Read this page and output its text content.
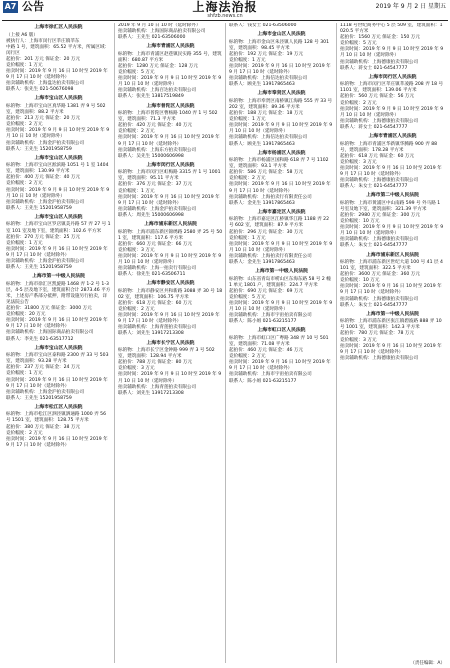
A7 公告	上海法治报	2019 年 9 月 2 日 星期五
shfzb.news.cn
上海市徐汇区人民法院
（上接 A6 版）
被执行人：上海市闵行区莘庄镇莘东
中路 1 号，建筑面积：65.52 平方米，所属区域：闵行区
起拍价：201 万元 保证金：20 万元
竞价幅度：1 万元
拍卖时间：2019 年 9 月 16 日 10 时至 2019 年 9 月 17 日 10 时（延时除外）
拍卖辅助机构：上海盘达拍卖有限公司
联系人：张先生 021-50676098
上海市宝山区人民法院
标的物：上海市宝山区真华路 1381 弄 9 号 502 室，建筑面积：88.2 平方米
起拍价：213 万元 保证金：20 万元
竞价幅度：2 万元
拍卖时间：2019 年 9 月 9 日 10 时至 2019 年 9 月 10 日 10 时（延时除外）
拍卖辅助机构：上海金沪拍卖有限公司
联系人：王先生 15201958759
上海市宝山区人民法院
标的物：上海市宝山区淞滨路 1051 号 1 室 1404 室，建筑面积：130.99 平方米
起拍价：400 万元 保证金：40 万元
竞价幅度：2 万元
拍卖时间：2019 年 9 月 9 日 10 时至 2019 年 9 月 10 日 10 时（延时除外）
拍卖辅助机构：上海金沪拍卖有限公司
联系人：王先生 15201958759
上海市宝山区人民法院
标的物：上海市宝山区罗店镇美丹路 57 弄 27 号 1 室 101 室及地下室，建筑面积：102.6 平方米
起拍价：270 万元 保证金：25 万元
竞价幅度：1 万元
拍卖时间：2019 年 9 月 16 日 10 时至 2019 年 9 月 17 日 10 时（延时除外）
拍卖辅助机构：上海金沪拍卖有限公司
联系人：王先生 15201958759
上海市第一中级人民法院
标的物：上海市徐汇区凯旋路 1468 弄 1-2 号 1-3 层，4-5 层及地下室，建筑面积合计 2873.46 平方米，上述房产系部分抵押，附带设施另行拍卖，详见法院公告
起拍价：31800 万元 保证金：3000 万元
竞价幅度：20 万元
拍卖时间：2019 年 9 月 16 日 10 时至 2019 年 9 月 17 日 10 时（延时除外）
拍卖辅助机构：上海国际商品拍卖有限公司
联系人：李先生 021-63517712
上海市宝山区人民法院
标的物：上海市宝山区泰和路 2300 弄 33 号 503 室，建筑面积：93.28 平方米
起拍价：237 万元 保证金：24 万元
竞价幅度：1 万元
拍卖时间：2019 年 9 月 16 日 10 时至 2019 年 9 月 17 日 10 时（延时除外）
拍卖辅助机构：上海金沪拍卖有限公司
联系人：王先生 15201958759
上海市松江区人民法院
标的物：上海市松江区泗泾镇泗通路 1000 弄 56 号 1501 室，建筑面积：128.75 平方米
起拍价：380 万元 保证金：38 万元
竞价幅度：2 万元
拍卖时间：2019 年 9 月 16 日 10 时至 2019 年 9 月 17 日 10 时（延时除外）
2019 年 9 月 10 日 10 时（延时除外）
拍卖辅助机构：上海国际商品拍卖有限公司
联系人：王先生 021-63506000
上海市青浦区人民法院
标的物：上海市青浦区赵巷镇民实路 355 号，建筑面积：680.87 平方米
起拍价：1280 万元 保证金：128 万元
竞价幅度：5 万元
拍卖时间：2019 年 9 月 9 日 10 时至 2019 年 9 月 10 日 10 时（延时除外）
拍卖辅助机构：上海百达拍卖有限公司
联系人：张先生 13817519849
上海市普陀区人民法院
标的物：上海市普陀区曹杨路 1040 弄 1 号 502 室，建筑面积：71.3 平方米
起拍价：420 万元 保证金：40 万元
竞价幅度：2 万元
拍卖时间：2019 年 9 月 16 日 10 时至 2019 年 9 月 17 日 10 时（延时除外）
拍卖辅助机构：上海东方拍卖有限公司
联系人：吴先生 15000606998
上海市闵行区人民法院
标的物：上海市闵行区虹梅路 3315 弄 1 号 1001 室，建筑面积：95.11 平方米
起拍价：376 万元 保证金：37 万元
竞价幅度：1 万元
拍卖时间：2019 年 9 月 16 日 10 时至 2019 年 9 月 17 日 10 时（延时除外）
拍卖辅助机构：上海金沪拍卖有限公司
联系人：周先生 15000606998
上海市浦东新区人民法院
标的物：上海市浦东新区锦绣路 2580 弄 25 号 501 室，建筑面积：117.6 平方米
起拍价：660 万元 保证金：66 万元
竞价幅度：3 万元
拍卖时间：2019 年 9 月 9 日 10 时至 2019 年 9 月 10 日 10 时（延时除外）
拍卖辅助机构：上海一拍卖行有限公司
联系人：徐先生 021-63506711
上海市静安区人民法院
标的物：上海市静安区共和新路 3088 弄 30 号 1802 室，建筑面积：106.75 平方米
起拍价：618 万元 保证金：60 万元
竞价幅度：2 万元
拍卖时间：2019 年 9 月 16 日 10 时至 2019 年 9 月 17 日 10 时（延时除外）
拍卖辅助机构：上海青莲拍卖有限公司
联系人：刘先生 13917213308
上海市长宁区人民法院
标的物：上海市长宁区金钟路 999 弄 3 号 502 室，建筑面积：128.94 平方米
起拍价：788 万元 保证金：80 万元
竞价幅度：3 万元
拍卖时间：2019 年 9 月 9 日 10 时至 2019 年 9 月 10 日 10 时（延时除外）
拍卖辅助机构：上海青莲拍卖有限公司
联系人：刘先生 13917213308
联系人：钱女士 021-63506000
上海市金山区人民法院
标的物：上海市金山区朱泾镇人民路 128 号 301 室，建筑面积：98.45 平方米
起拍价：192 万元 保证金：19 万元
竞价幅度：1 万元
拍卖时间：2019 年 9 月 16 日 10 时至 2019 年 9 月 17 日 10 时（延时除外）
拍卖辅助机构：上海信达拍卖有限公司
联系人：顾先生 13917865463
上海市奉贤区人民法院
标的物：上海市奉贤区南桥镇江海路 555 弄 33 号 202 室，建筑面积：89.36 平方米
起拍价：188 万元 保证金：18 万元
竞价幅度：1 万元
拍卖时间：2019 年 9 月 9 日 10 时至 2019 年 9 月 10 日 10 时（延时除外）
拍卖辅助机构：上海信达拍卖有限公司
联系人：顾先生 13917865463
上海市杨浦区人民法院
标的物：上海市杨浦区国和路 618 弄 7 号 1102 室，建筑面积：93.1 平方米
起拍价：586 万元 保证金：58 万元
竞价幅度：2 万元
拍卖时间：2019 年 9 月 16 日 10 时至 2019 年 9 月 17 日 10 时（延时除外）
拍卖辅助机构：上海拍卖行有限责任公司
联系人：金先生 13917865463
上海市嘉定区人民法院
标的物：上海市嘉定区江桥镇华江路 1188 弄 22 号 602 室，建筑面积：87.9 平方米
起拍价：296 万元 保证金：30 万元
竞价幅度：1 万元
拍卖时间：2019 年 9 月 9 日 10 时至 2019 年 9 月 10 日 10 时（延时除外）
拍卖辅助机构：上海拍卖行有限责任公司
联系人：金先生 13917865463
上海市第一中级人民法院
标的物：山东省青岛市崂山区东海东路 58 号 2 幢 1 单元 1801 户，建筑面积：224.7 平方米
起拍价：690 万元 保证金：69 万元
竞价幅度：5 万元
拍卖时间：2019 年 9 月 9 日 10 时至 2019 年 9 月 10 日 10 时（延时除外）
拍卖辅助机构：上海市宇宙拍卖有限公司
联系人：陈小姐 021-63215177
上海市虹口区人民法院
标的物：上海市虹口区广粤路 348 弄 10 号 501 室，建筑面积：71.08 平方米
起拍价：460 万元 保证金：46 万元
竞价幅度：2 万元
拍卖时间：2019 年 9 月 16 日 10 时至 2019 年 9 月 17 日 10 时（延时除外）
拍卖辅助机构：上海市宇宙拍卖有限公司
联系人：陈小姐 021-63215177
1118 号世纪商务中心 5 层 509 室，建筑面积：1020.5 平方米
起拍价：1560 万元 保证金：150 万元
竞价幅度：5 万元
拍卖时间：2019 年 9 月 9 日 10 时至 2019 年 9 月 10 日 10 时（延时除外）
拍卖辅助机构：上海德康拍卖有限公司
联系人：蒋女士 021-64547777
上海市闵行区人民法院
标的物：上海市闵行区莘庄镇莘凌路 208 弄 18 号 1101 室，建筑面积：139.06 平方米
起拍价：560 万元 保证金：56 万元
竞价幅度：2 万元
拍卖时间：2019 年 9 月 9 日 10 时至 2019 年 9 月 10 日 10 时（延时除外）
拍卖辅助机构：上海德康拍卖有限公司
联系人：蒋女士 021-64547777
上海市青浦区人民法院
标的物：上海市青浦区华新镇华腾路 900 弄 88 号，建筑面积：178.28 平方米
起拍价：618 万元 保证金：60 万元
竞价幅度：3 万元
拍卖时间：2019 年 9 月 16 日 10 时至 2019 年 9 月 17 日 10 时（延时除外）
拍卖辅助机构：上海德康拍卖有限公司
联系人：朱女士 021-64547777
上海市第二中级人民法院
标的物：上海市黄浦区中山南路 599 号 外马路 1 号室及地下室，建筑面积：321.39 平方米
起拍价：2980 万元 保证金：300 万元
竞价幅度：10 万元
拍卖时间：2019 年 9 月 9 日 10 时至 2019 年 9 月 10 日 10 时（延时除外）
拍卖辅助机构：上海德康拍卖有限公司
联系人：朱女士 021-64547777
上海市浦东新区人民法院
标的物：上海市浦东新区世纪大道 100 号 41 层 4101 室，建筑面积：322.5 平方米
起拍价：3600 万元 保证金：360 万元
竞价幅度：10 万元
拍卖时间：2019 年 9 月 16 日 10 时至 2019 年 9 月 17 日 10 时（延时除外）
拍卖辅助机构：上海德康拍卖有限公司
联系人：朱女士 021-64547777
上海市第一中级人民法院
标的物：上海市浦东新区张江镇碧波路 888 弄 10 号 1001 室，建筑面积：142.3 平方米
起拍价：780 万元 保证金：78 万元
竞价幅度：3 万元
拍卖时间：2019 年 9 月 16 日 10 时至 2019 年 9 月 17 日 10 时（延时除外）
拍卖辅助机构：上海德康拍卖有限公司
（责任编辑：A）
